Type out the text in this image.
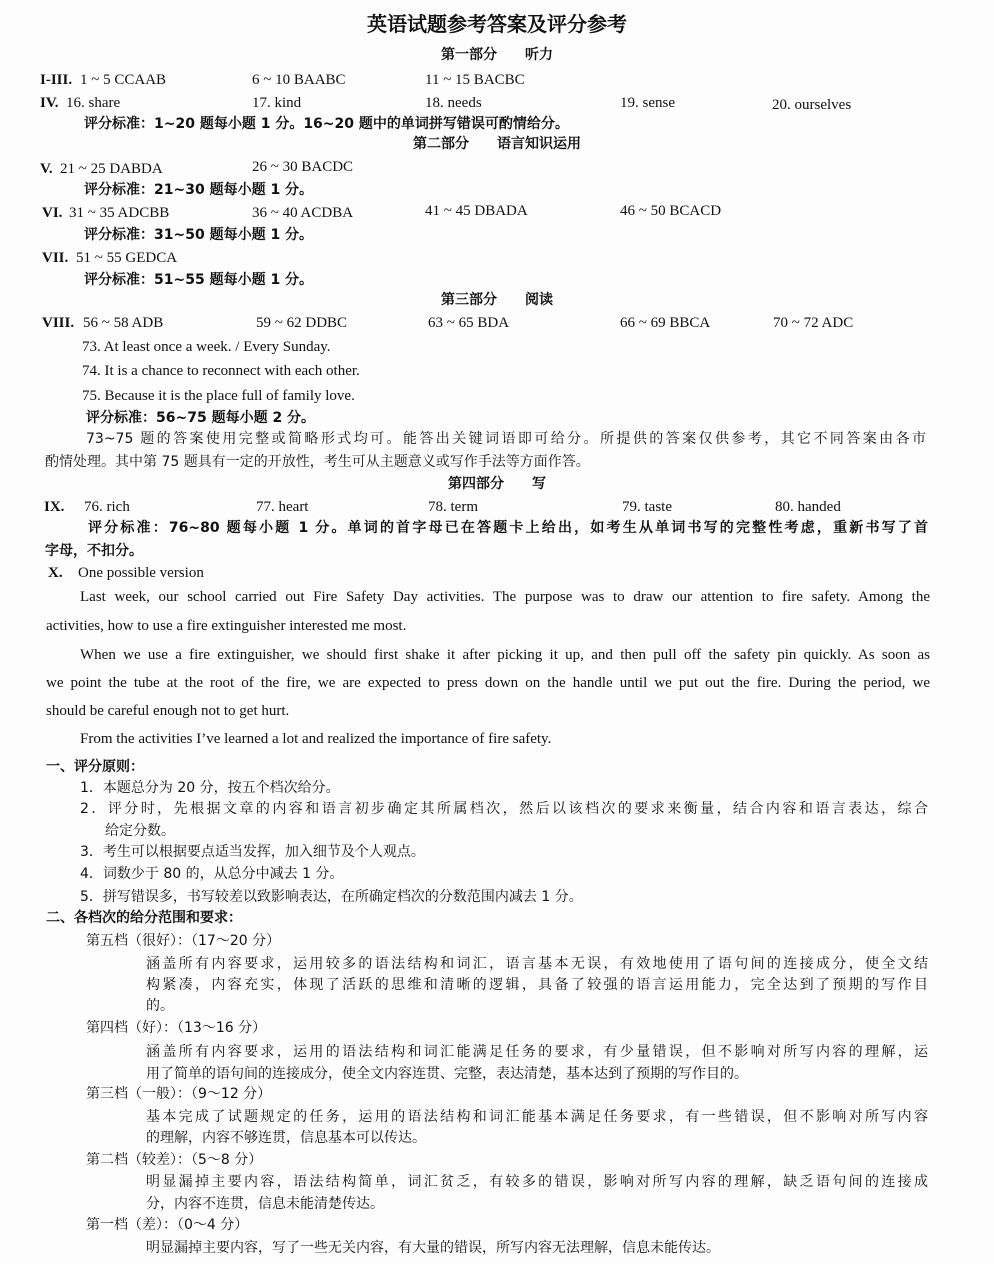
英语试题参考答案及评分参考
第一部分　　听力
I-III. 1 ~ 5 CCAAB	6 ~ 10 BAABC	11 ~ 15 BACBC
IV. 16. share	17. kind	18. needs	19. sense	20. ourselves
评分标准：1~20 题每小题 1 分。16~20 题中的单词拼写错误可酌情给分。
第二部分　　语言知识运用
V. 21 ~ 25 DABDA	26 ~ 30 BACDC
评分标准：21~30 题每小题 1 分。
VI. 31 ~ 35 ADCBB	36 ~ 40 ACDBA	41 ~ 45 DBADA	46 ~ 50 BCACD
评分标准：31~50 题每小题 1 分。
VII. 51 ~ 55 GEDCA
评分标准：51~55 题每小题 1 分。
第三部分　　阅读
VIII. 56 ~ 58 ADB	59 ~ 62 DDBC	63 ~ 65 BDA	66 ~ 69 BBCA	70 ~ 72 ADC
73. At least once a week. / Every Sunday.
74. It is a chance to reconnect with each other.
75. Because it is the place full of family love.
评分标准：56~75 题每小题 2 分。
73~75 题的答案使用完整或简略形式均可。能答出关键词语即可给分。所提供的答案仅供参考，其它不同答案由各市
酌情处理。其中第 75 题具有一定的开放性，考生可从主题意义或写作手法等方面作答。
第四部分　　写
IX. 76. rich	77. heart	78. term	79. taste	80. handed
评分标准：76~80 题每小题 1 分。单词的首字母已在答题卡上给出，如考生从单词书写的完整性考虑，重新书写了首
字母，不扣分。
X. One possible version
Last week, our school carried out Fire Safety Day activities. The purpose was to draw our attention to fire safety. Among the
activities, how to use a fire extinguisher interested me most.
When we use a fire extinguisher, we should first shake it after picking it up, and then pull off the safety pin quickly. As soon as
we point the tube at the root of the fire, we are expected to press down on the handle until we put out the fire. During the period, we
should be careful enough not to get hurt.
From the activities I’ve learned a lot and realized the importance of fire safety.
一、评分原则：
1．本题总分为 20 分，按五个档次给分。
2．评分时，先根据文章的内容和语言初步确定其所属档次，然后以该档次的要求来衡量，结合内容和语言表达，综合
给定分数。
3．考生可以根据要点适当发挥，加入细节及个人观点。
4．词数少于 80 的，从总分中减去 1 分。
5．拼写错误多，书写较差以致影响表达，在所确定档次的分数范围内减去 1 分。
二、各档次的给分范围和要求：
第五档（很好）：（17～20 分）
涵盖所有内容要求，运用较多的语法结构和词汇，语言基本无误，有效地使用了语句间的连接成分，使全文结
构紧凑，内容充实，体现了活跃的思维和清晰的逻辑，具备了较强的语言运用能力，完全达到了预期的写作目
的。
第四档（好）：（13～16 分）
涵盖所有内容要求，运用的语法结构和词汇能满足任务的要求，有少量错误，但不影响对所写内容的理解，运
用了简单的语句间的连接成分，使全文内容连贯、完整，表达清楚，基本达到了预期的写作目的。
第三档（一般）：（9～12 分）
基本完成了试题规定的任务，运用的语法结构和词汇能基本满足任务要求，有一些错误，但不影响对所写内容
的理解，内容不够连贯，信息基本可以传达。
第二档（较差）：（5～8 分）
明显漏掉主要内容，语法结构简单，词汇贫乏，有较多的错误，影响对所写内容的理解，缺乏语句间的连接成
分，内容不连贯，信息未能清楚传达。
第一档（差）：（0～4 分）
明显漏掉主要内容，写了一些无关内容，有大量的错误，所写内容无法理解，信息未能传达。
